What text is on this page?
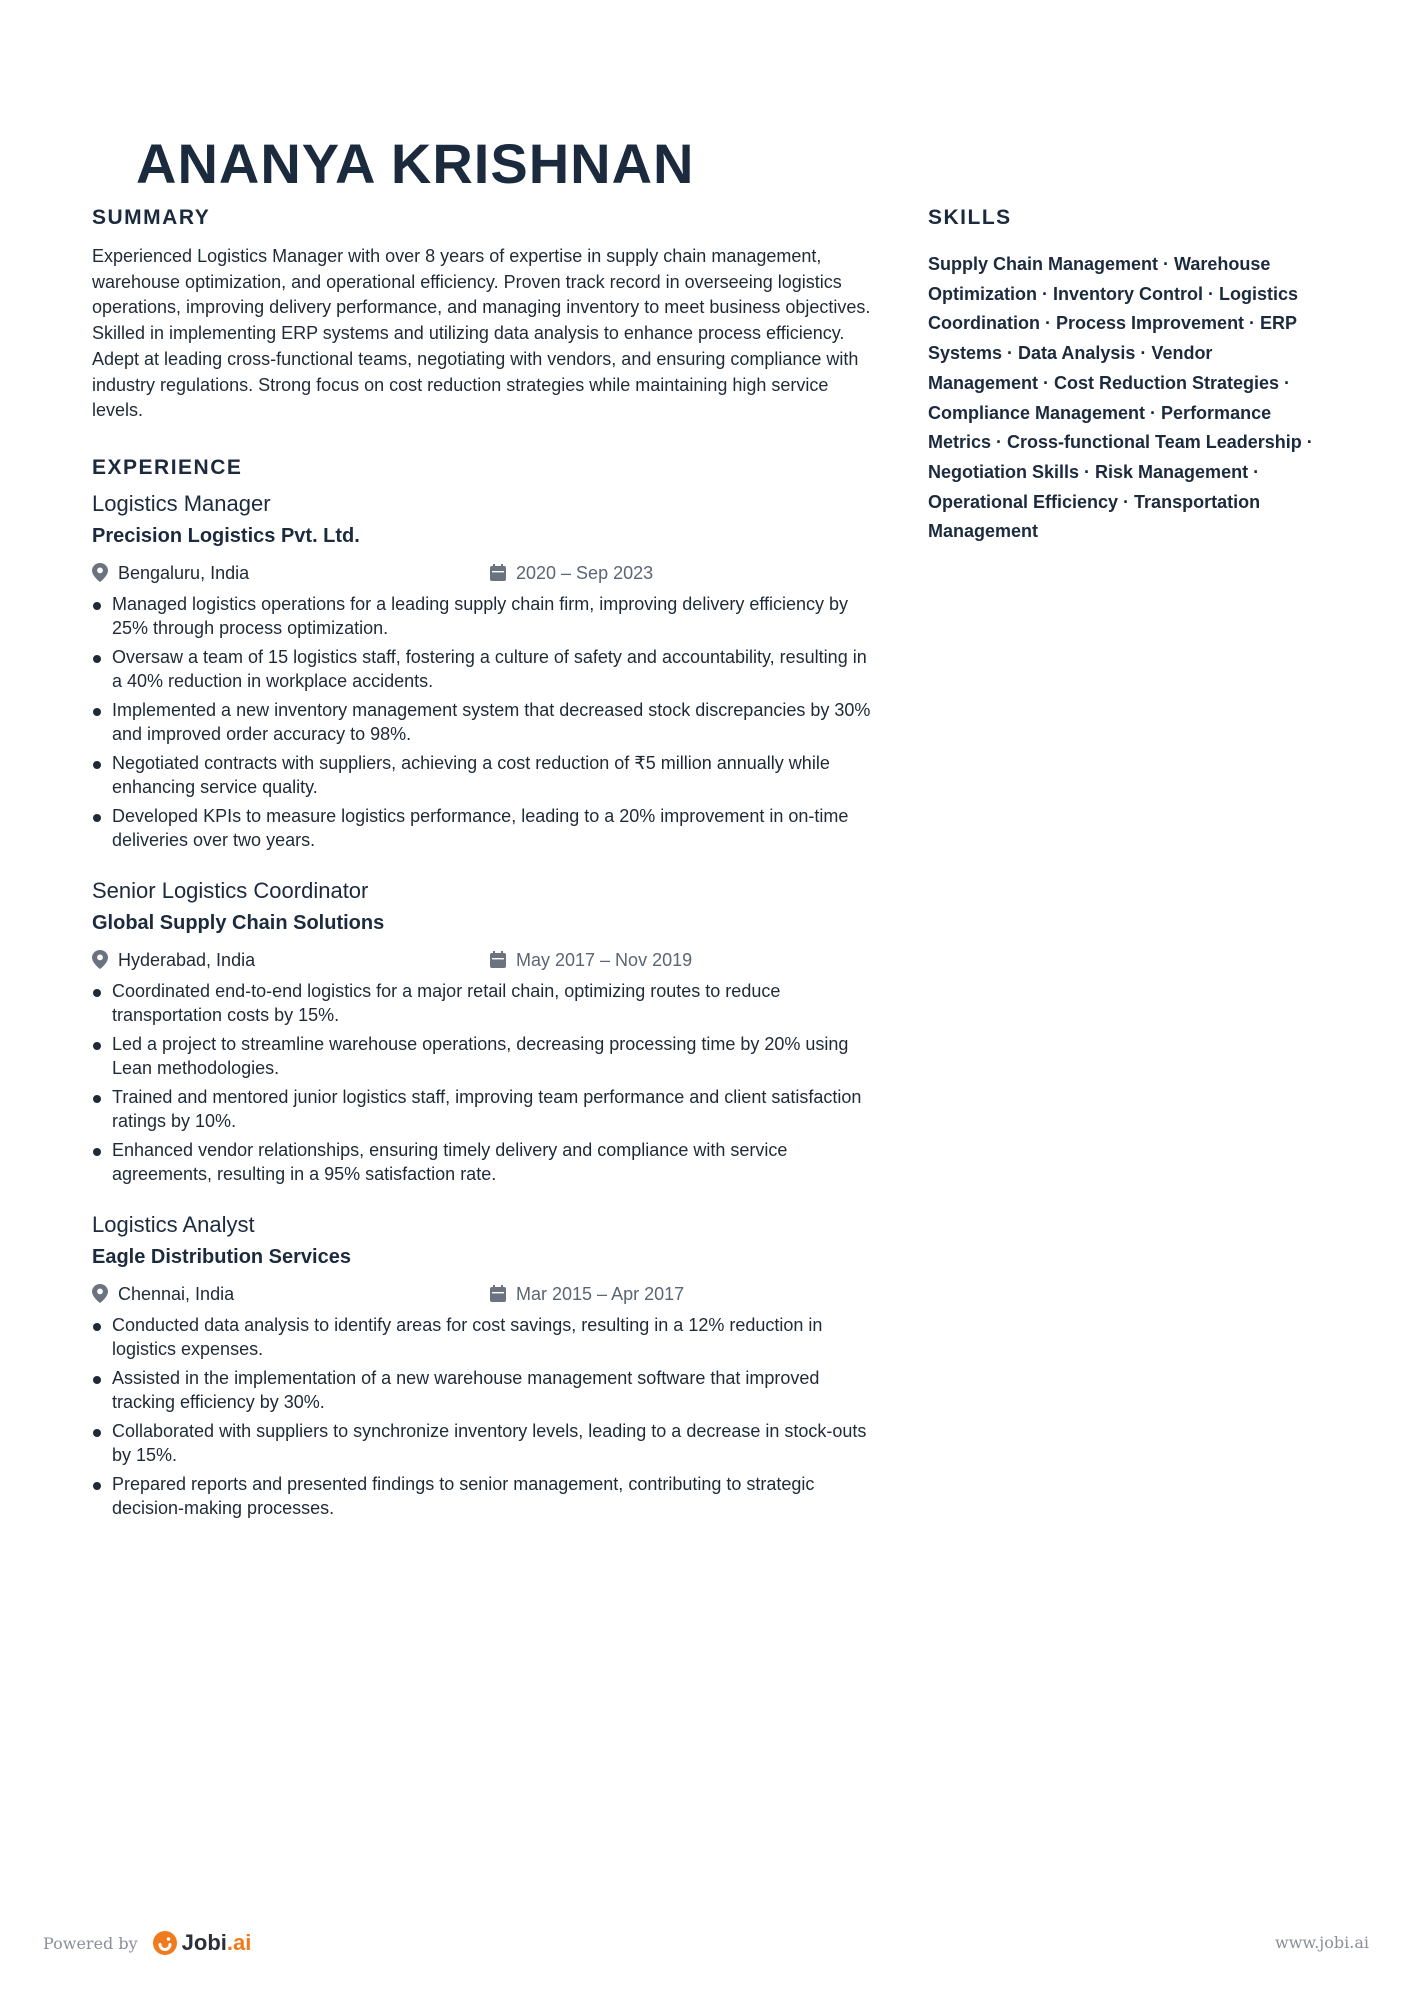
ANANYA KRISHNAN
SUMMARY

Experienced Logistics Manager with over 8 years of expertise in supply chain management, warehouse optimization, and operational efficiency. Proven track record in overseeing logistics operations, improving delivery performance, and managing inventory to meet business objectives. Skilled in implementing ERP systems and utilizing data analysis to enhance process efficiency. Adept at leading cross-functional teams, negotiating with vendors, and ensuring compliance with industry regulations. Strong focus on cost reduction strategies while maintaining high service levels.

EXPERIENCE
Logistics Manager
Precision Logistics Pvt. Ltd.
Bengaluru, India	2020 – Sep 2023
Managed logistics operations for a leading supply chain firm, improving delivery efficiency by 25% through process optimization.
Oversaw a team of 15 logistics staff, fostering a culture of safety and accountability, resulting in a 40% reduction in workplace accidents.
Implemented a new inventory management system that decreased stock discrepancies by 30% and improved order accuracy to 98%.
Negotiated contracts with suppliers, achieving a cost reduction of ₹5 million annually while enhancing service quality.
Developed KPIs to measure logistics performance, leading to a 20% improvement in on-time deliveries over two years.
Senior Logistics Coordinator
Global Supply Chain Solutions
Hyderabad, India	May 2017 – Nov 2019
Coordinated end-to-end logistics for a major retail chain, optimizing routes to reduce transportation costs by 15%.
Led a project to streamline warehouse operations, decreasing processing time by 20% using Lean methodologies.
Trained and mentored junior logistics staff, improving team performance and client satisfaction ratings by 10%.
Enhanced vendor relationships, ensuring timely delivery and compliance with service agreements, resulting in a 95% satisfaction rate.
Logistics Analyst
Eagle Distribution Services
Chennai, India	Mar 2015 – Apr 2017
Conducted data analysis to identify areas for cost savings, resulting in a 12% reduction in logistics expenses.
Assisted in the implementation of a new warehouse management software that improved tracking efficiency by 30%.
Collaborated with suppliers to synchronize inventory levels, leading to a decrease in stock-outs by 15%.
Prepared reports and presented findings to senior management, contributing to strategic decision-making processes.
SKILLS

Supply Chain Management · Warehouse Optimization · Inventory Control · Logistics Coordination · Process Improvement · ERP Systems · Data Analysis · Vendor Management · Cost Reduction Strategies · Compliance Management · Performance Metrics · Cross-functional Team Leadership · Negotiation Skills · Risk Management · Operational Efficiency · Transportation Management

Powered by Jobi.ai	www.jobi.ai
